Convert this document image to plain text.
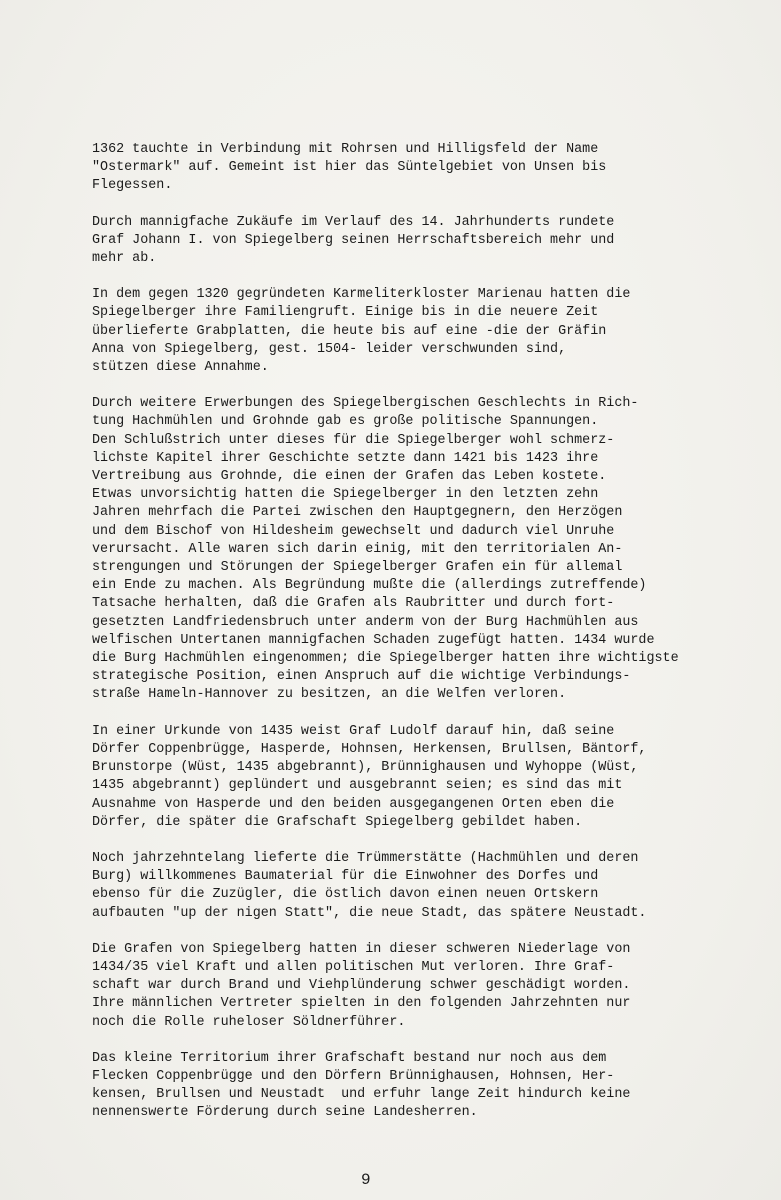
1362 tauchte in Verbindung mit Rohrsen und Hilligsfeld der Name
"Ostermark" auf. Gemeint ist hier das Süntelgebiet von Unsen bis
Flegessen.
Durch mannigfache Zukäufe im Verlauf des 14. Jahrhunderts rundete
Graf Johann I. von Spiegelberg seinen Herrschaftsbereich mehr und
mehr ab.
In dem gegen 1320 gegründeten Karmeliterkloster Marienau hatten die
Spiegelberger ihre Familiengruft. Einige bis in die neuere Zeit
überlieferte Grabplatten, die heute bis auf eine -die der Gräfin
Anna von Spiegelberg, gest. 1504- leider verschwunden sind,
stützen diese Annahme.
Durch weitere Erwerbungen des Spiegelbergischen Geschlechts in Rich-
tung Hachmühlen und Grohnde gab es große politische Spannungen.
Den Schlußstrich unter dieses für die Spiegelberger wohl schmerz-
lichste Kapitel ihrer Geschichte setzte dann 1421 bis 1423 ihre
Vertreibung aus Grohnde, die einen der Grafen das Leben kostete.
Etwas unvorsichtig hatten die Spiegelberger in den letzten zehn
Jahren mehrfach die Partei zwischen den Hauptgegnern, den Herzögen
und dem Bischof von Hildesheim gewechselt und dadurch viel Unruhe
verursacht. Alle waren sich darin einig, mit den territorialen An-
strengungen und Störungen der Spiegelberger Grafen ein für allemal
ein Ende zu machen. Als Begründung mußte die (allerdings zutreffende)
Tatsache herhalten, daß die Grafen als Raubritter und durch fort-
gesetzten Landfriedensbruch unter anderm von der Burg Hachmühlen aus
welfischen Untertanen mannigfachen Schaden zugefügt hatten. 1434 wurde
die Burg Hachmühlen eingenommen; die Spiegelberger hatten ihre wichtigste
strategische Position, einen Anspruch auf die wichtige Verbindungs-
straße Hameln-Hannover zu besitzen, an die Welfen verloren.
In einer Urkunde von 1435 weist Graf Ludolf darauf hin, daß seine
Dörfer Coppenbrügge, Hasperde, Hohnsen, Herkensen, Brullsen, Bäntorf,
Brunstorpe (Wüst, 1435 abgebrannt), Brünnighausen und Wyhoppe (Wüst,
1435 abgebrannt) geplündert und ausgebrannt seien; es sind das mit
Ausnahme von Hasperde und den beiden ausgegangenen Orten eben die
Dörfer, die später die Grafschaft Spiegelberg gebildet haben.
Noch jahrzehntelang lieferte die Trümmerstätte (Hachmühlen und deren
Burg) willkommenes Baumaterial für die Einwohner des Dorfes und
ebenso für die Zuzügler, die östlich davon einen neuen Ortskern
aufbauten "up der nigen Statt", die neue Stadt, das spätere Neustadt.
Die Grafen von Spiegelberg hatten in dieser schweren Niederlage von
1434/35 viel Kraft und allen politischen Mut verloren. Ihre Graf-
schaft war durch Brand und Viehplünderung schwer geschädigt worden.
Ihre männlichen Vertreter spielten in den folgenden Jahrzehnten nur
noch die Rolle ruheloser Söldnerführer.
Das kleine Territorium ihrer Grafschaft bestand nur noch aus dem
Flecken Coppenbrügge und den Dörfern Brünnighausen, Hohnsen, Her-
kensen, Brullsen und Neustadt  und erfuhr lange Zeit hindurch keine
nennenswerte Förderung durch seine Landesherren.
9
